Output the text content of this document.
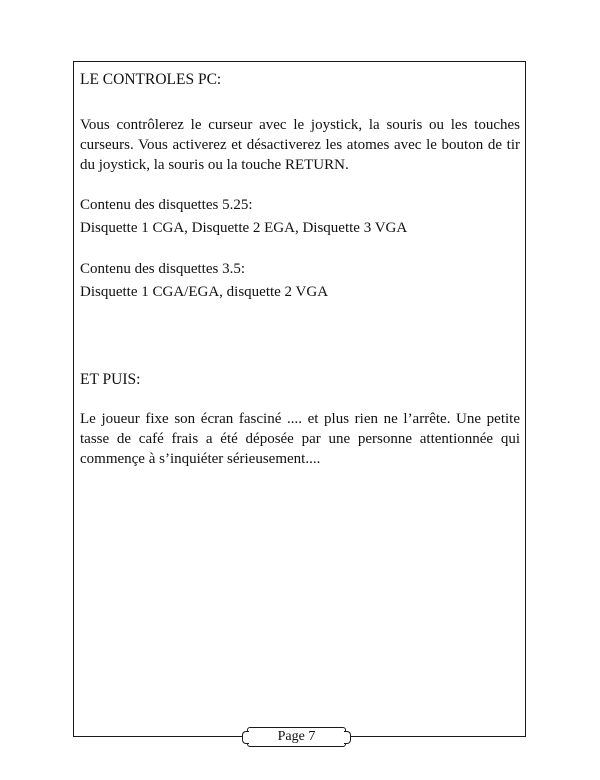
LE CONTROLES PC:

Vous contrôlerez le curseur avec le joystick, la souris ou les touches curseurs. Vous activerez et désactiverez les atomes avec le bouton de tir du joystick, la souris ou la touche RETURN.

Contenu des disquettes 5.25:

Disquette 1 CGA, Disquette 2 EGA, Disquette 3 VGA

Contenu des disquettes 3.5:

Disquette 1 CGA/EGA, disquette 2 VGA

ET PUIS:

Le joueur fixe son écran fasciné .... et plus rien ne l’arrête. Une petite tasse de café frais a été déposée par une personne attentionnée qui commençe à s’inquiéter sérieusement....

Page 7
